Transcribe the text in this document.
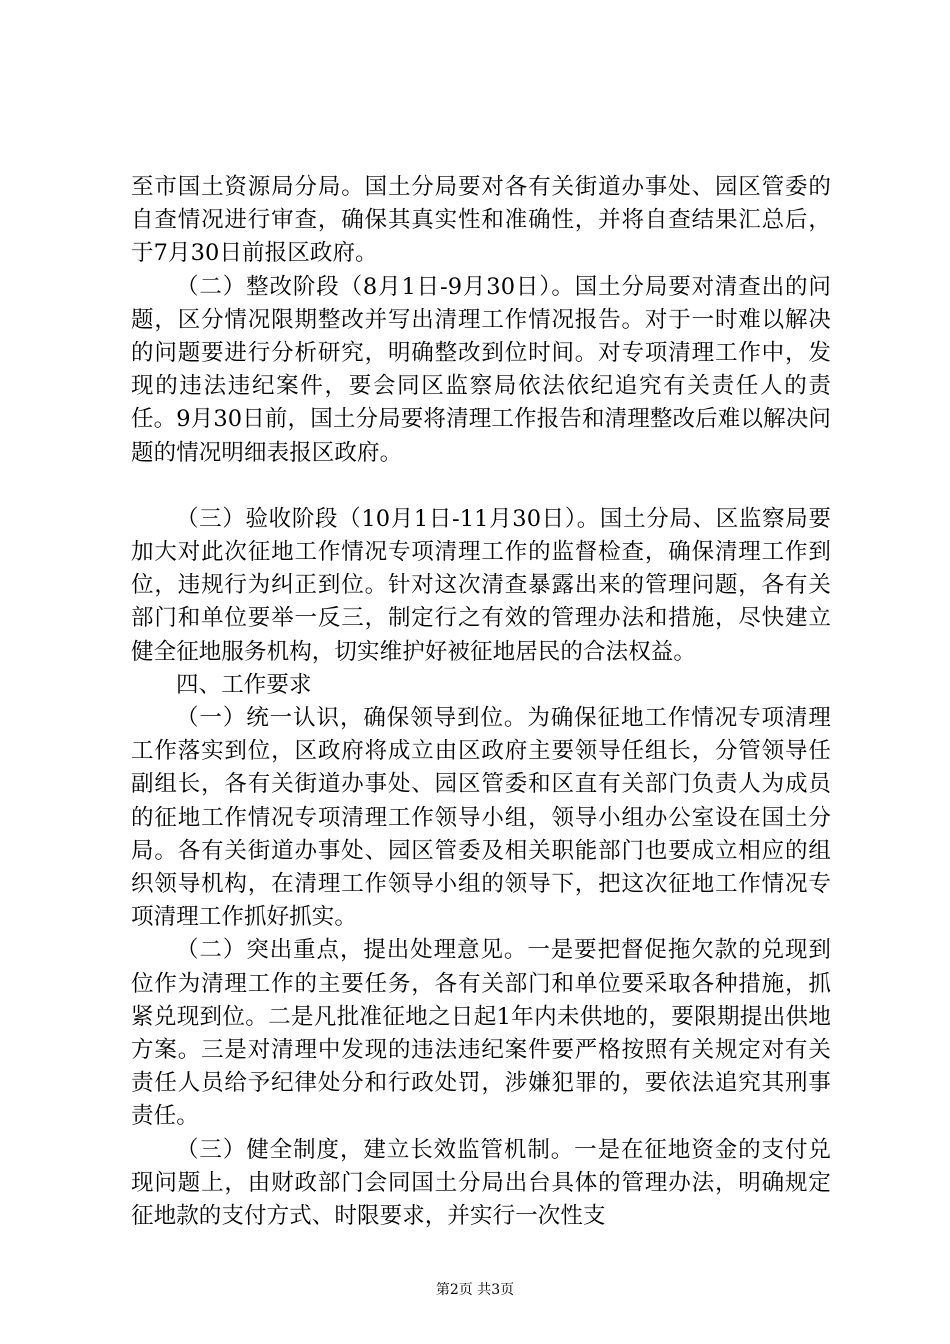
至市国土资源局分局。国土分局要对各有关街道办事处、园区管委的自查情况进行审查，确保其真实性和准确性，并将自查结果汇总后，于7月30日前报区政府。

（二）整改阶段（8月1日-9月30日）。国土分局要对清查出的问题，区分情况限期整改并写出清理工作情况报告。对于一时难以解决的问题要进行分析研究，明确整改到位时间。对专项清理工作中，发现的违法违纪案件，要会同区监察局依法依纪追究有关责任人的责任。9月30日前，国土分局要将清理工作报告和清理整改后难以解决问题的情况明细表报区政府。

（三）验收阶段（10月1日-11月30日）。国土分局、区监察局要加大对此次征地工作情况专项清理工作的监督检查，确保清理工作到位，违规行为纠正到位。针对这次清查暴露出来的管理问题，各有关部门和单位要举一反三，制定行之有效的管理办法和措施，尽快建立健全征地服务机构，切实维护好被征地居民的合法权益。

四、工作要求

（一）统一认识，确保领导到位。为确保征地工作情况专项清理工作落实到位，区政府将成立由区政府主要领导任组长，分管领导任副组长，各有关街道办事处、园区管委和区直有关部门负责人为成员的征地工作情况专项清理工作领导小组，领导小组办公室设在国土分局。各有关街道办事处、园区管委及相关职能部门也要成立相应的组织领导机构，在清理工作领导小组的领导下，把这次征地工作情况专项清理工作抓好抓实。

（二）突出重点，提出处理意见。一是要把督促拖欠款的兑现到位作为清理工作的主要任务，各有关部门和单位要采取各种措施，抓紧兑现到位。二是凡批准征地之日起1年内未供地的，要限期提出供地方案。三是对清理中发现的违法违纪案件要严格按照有关规定对有关责任人员给予纪律处分和行政处罚，涉嫌犯罪的，要依法追究其刑事责任。

（三）健全制度，建立长效监管机制。一是在征地资金的支付兑现问题上，由财政部门会同国土分局出台具体的管理办法，明确规定征地款的支付方式、时限要求，并实行一次性支

第2页 共3页
